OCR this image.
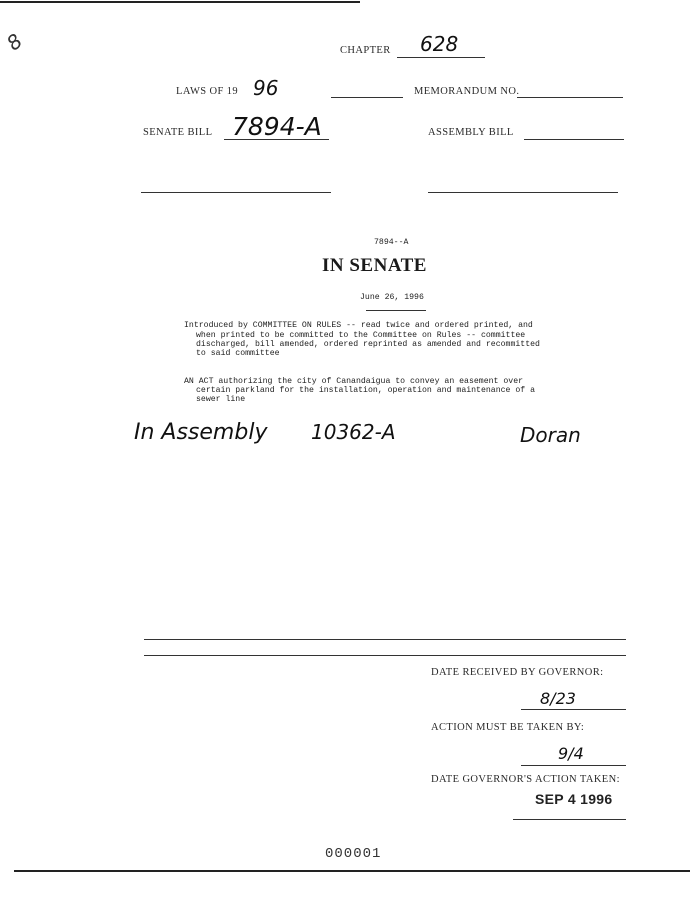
8	CHAPTER 628
LAWS OF 19 96	MEMORANDUM NO.
SENATE BILL 7894-A	ASSEMBLY BILL
7894--A
IN SENATE
June 26, 1996
Introduced by COMMITTEE ON RULES -- read twice and ordered printed, and
when printed to be committed to the Committee on Rules -- committee
discharged, bill amended, ordered reprinted as amended and recommitted
to said committee
AN ACT authorizing the city of Canandaigua to convey an easement over
certain parkland for the installation, operation and maintenance of a
sewer line
In Assembly 10362-A	Doran
DATE RECEIVED BY GOVERNOR:
8/23
ACTION MUST BE TAKEN BY:
9/4
DATE GOVERNOR'S ACTION TAKEN:
SEP 4 1996
000001
